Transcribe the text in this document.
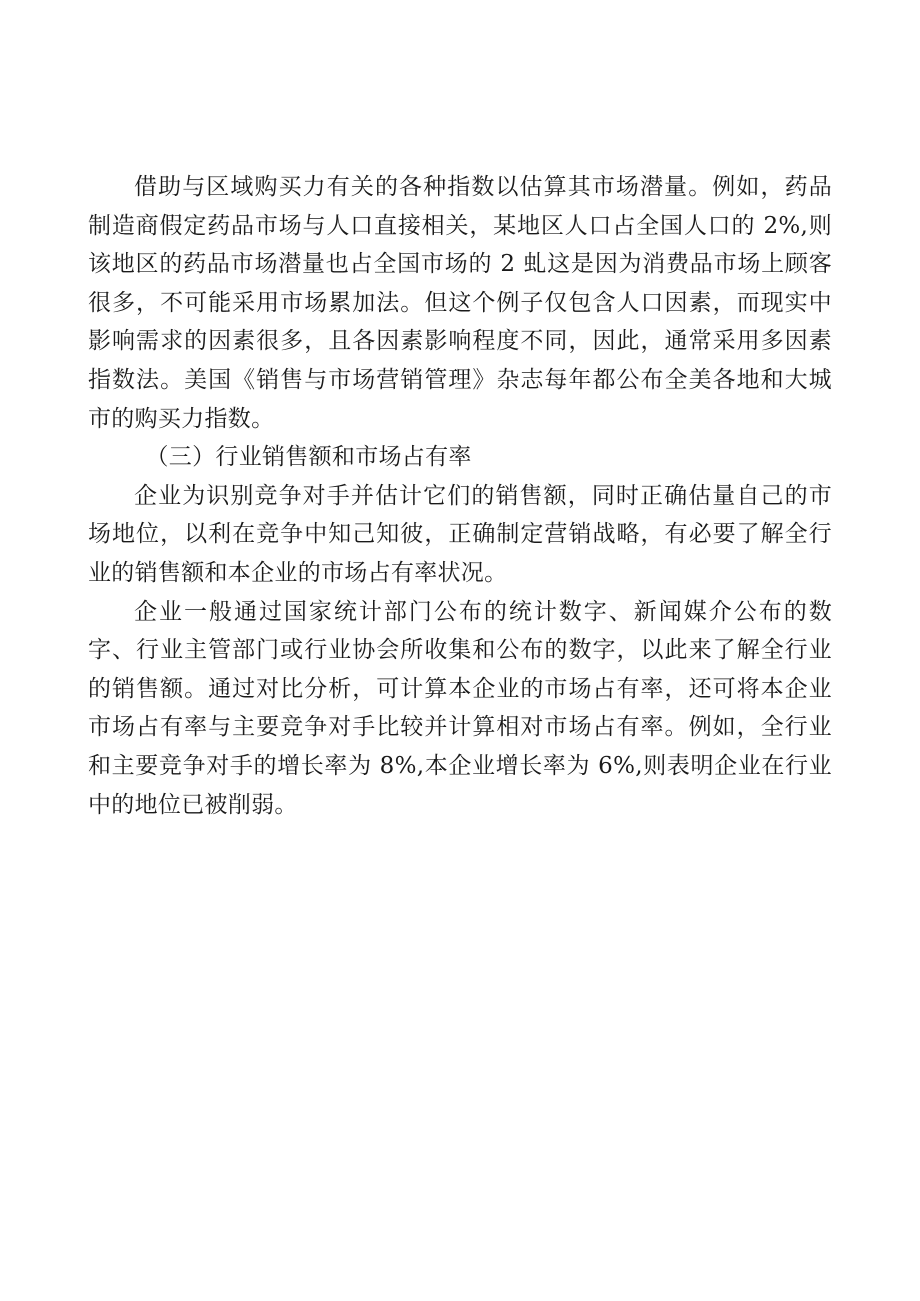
借助与区域购买力有关的各种指数以估算其市场潜量。例如，药品制造商假定药品市场与人口直接相关，某地区人口占全国人口的 2%,则该地区的药品市场潜量也占全国市场的 2 虬这是因为消费品市场上顾客很多，不可能采用市场累加法。但这个例子仅包含人口因素，而现实中影响需求的因素很多，且各因素影响程度不同，因此，通常采用多因素指数法。美国《销售与市场营销管理》杂志每年都公布全美各地和大城市的购买力指数。

（三）行业销售额和市场占有率

企业为识别竞争对手并估计它们的销售额，同时正确估量自己的市场地位，以利在竞争中知己知彼，正确制定营销战略，有必要了解全行业的销售额和本企业的市场占有率状况。

企业一般通过国家统计部门公布的统计数字、新闻媒介公布的数字、行业主管部门或行业协会所收集和公布的数字，以此来了解全行业的销售额。通过对比分析，可计算本企业的市场占有率，还可将本企业市场占有率与主要竞争对手比较并计算相对市场占有率。例如，全行业和主要竞争对手的增长率为 8%,本企业增长率为 6%,则表明企业在行业中的地位已被削弱。
